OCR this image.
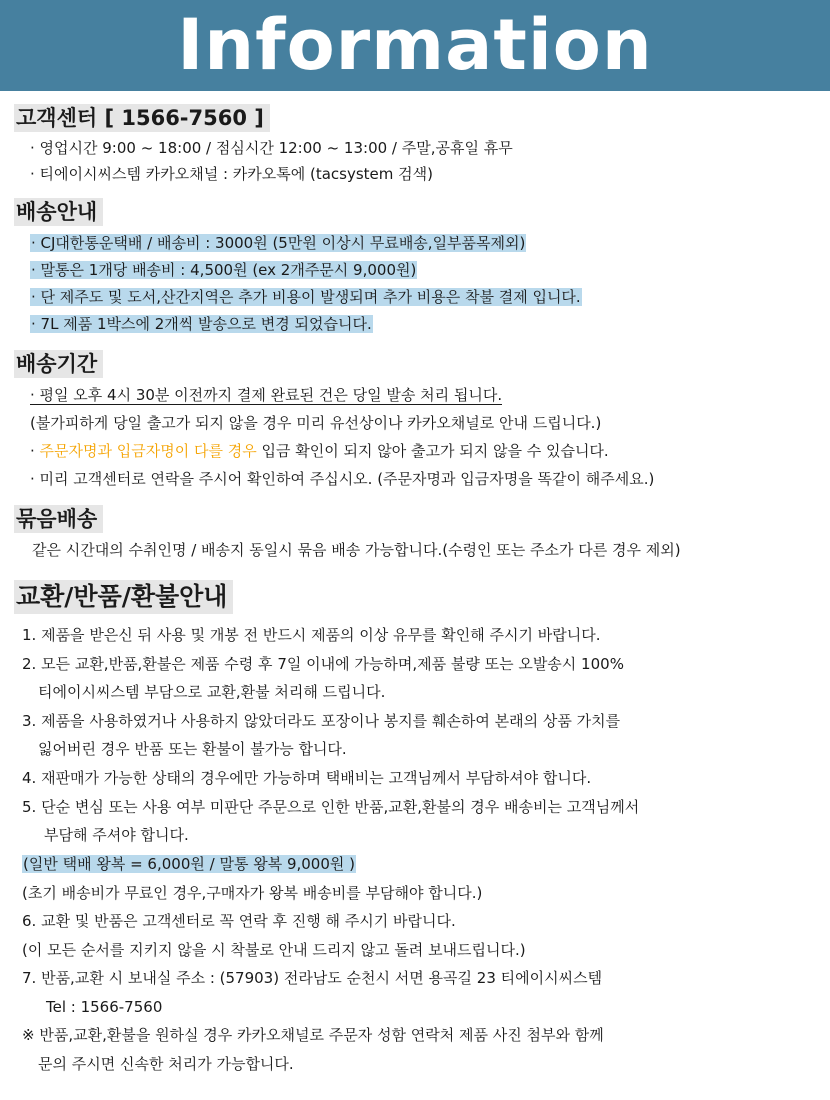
Information
고객센터 [ 1566-7560 ]

· 영업시간 9:00 ~ 18:00 / 점심시간 12:00 ~ 13:00 / 주말,공휴일 휴무

· 티에이시씨스템 카카오채널 : 카카오톡에 (tacsystem 검색)

배송안내

· CJ대한통운택배 / 배송비 : 3000원 (5만원 이상시 무료배송,일부품목제외)

· 말통은 1개당 배송비 : 4,500원 (ex 2개주문시 9,000원)

· 단 제주도 및 도서,산간지역은 추가 비용이 발생되며 추가 비용은 착불 결제 입니다.

· 7L 제품 1박스에 2개씩 발송으로 변경 되었습니다.

배송기간

· 평일 오후 4시 30분 이전까지 결제 완료된 건은 당일 발송 처리 됩니다.

(불가피하게 당일 출고가 되지 않을 경우 미리 유선상이나 카카오채널로 안내 드립니다.)

· 주문자명과 입금자명이 다를 경우 입금 확인이 되지 않아 출고가 되지 않을 수 있습니다.

· 미리 고객센터로 연락을 주시어 확인하여 주십시오. (주문자명과 입금자명을 똑같이 해주세요.)

묶음배송

같은 시간대의 수취인명 / 배송지 동일시 묶음 배송 가능합니다.(수령인 또는 주소가 다른 경우 제외)

교환/반품/환불안내

1. 제품을 받은신 뒤 사용 및 개봉 전 반드시 제품의 이상 유무를 확인해 주시기 바랍니다.

2. 모든 교환,반품,환불은 제품 수령 후 7일 이내에 가능하며,제품 불량 또는 오발송시 100%

티에이시씨스템 부담으로 교환,환불 처리해 드립니다.

3. 제품을 사용하였거나 사용하지 않았더라도 포장이나 봉지를 훼손하여 본래의 상품 가치를

잃어버린 경우 반품 또는 환불이 불가능 합니다.

4. 재판매가 가능한 상태의 경우에만 가능하며 택배비는 고객님께서 부담하셔야 합니다.

5. 단순 변심 또는 사용 여부 미판단 주문으로 인한 반품,교환,환불의 경우 배송비는 고객님께서

부담해 주셔야 합니다.

(일반 택배 왕복 = 6,000원 / 말통 왕복 9,000원 )

(초기 배송비가 무료인 경우,구매자가 왕복 배송비를 부담해야 합니다.)

6. 교환 및 반품은 고객센터로 꼭 연락 후 진행 해 주시기 바랍니다.

(이 모든 순서를 지키지 않을 시 착불로 안내 드리지 않고 돌려 보내드립니다.)

7. 반품,교환 시 보내실 주소 : (57903) 전라남도 순천시 서면 용곡길 23 티에이시씨스템

Tel : 1566-7560

※ 반품,교환,환불을 원하실 경우 카카오채널로 주문자 성함 연락처 제품 사진 첨부와 함께

문의 주시면 신속한 처리가 가능합니다.
